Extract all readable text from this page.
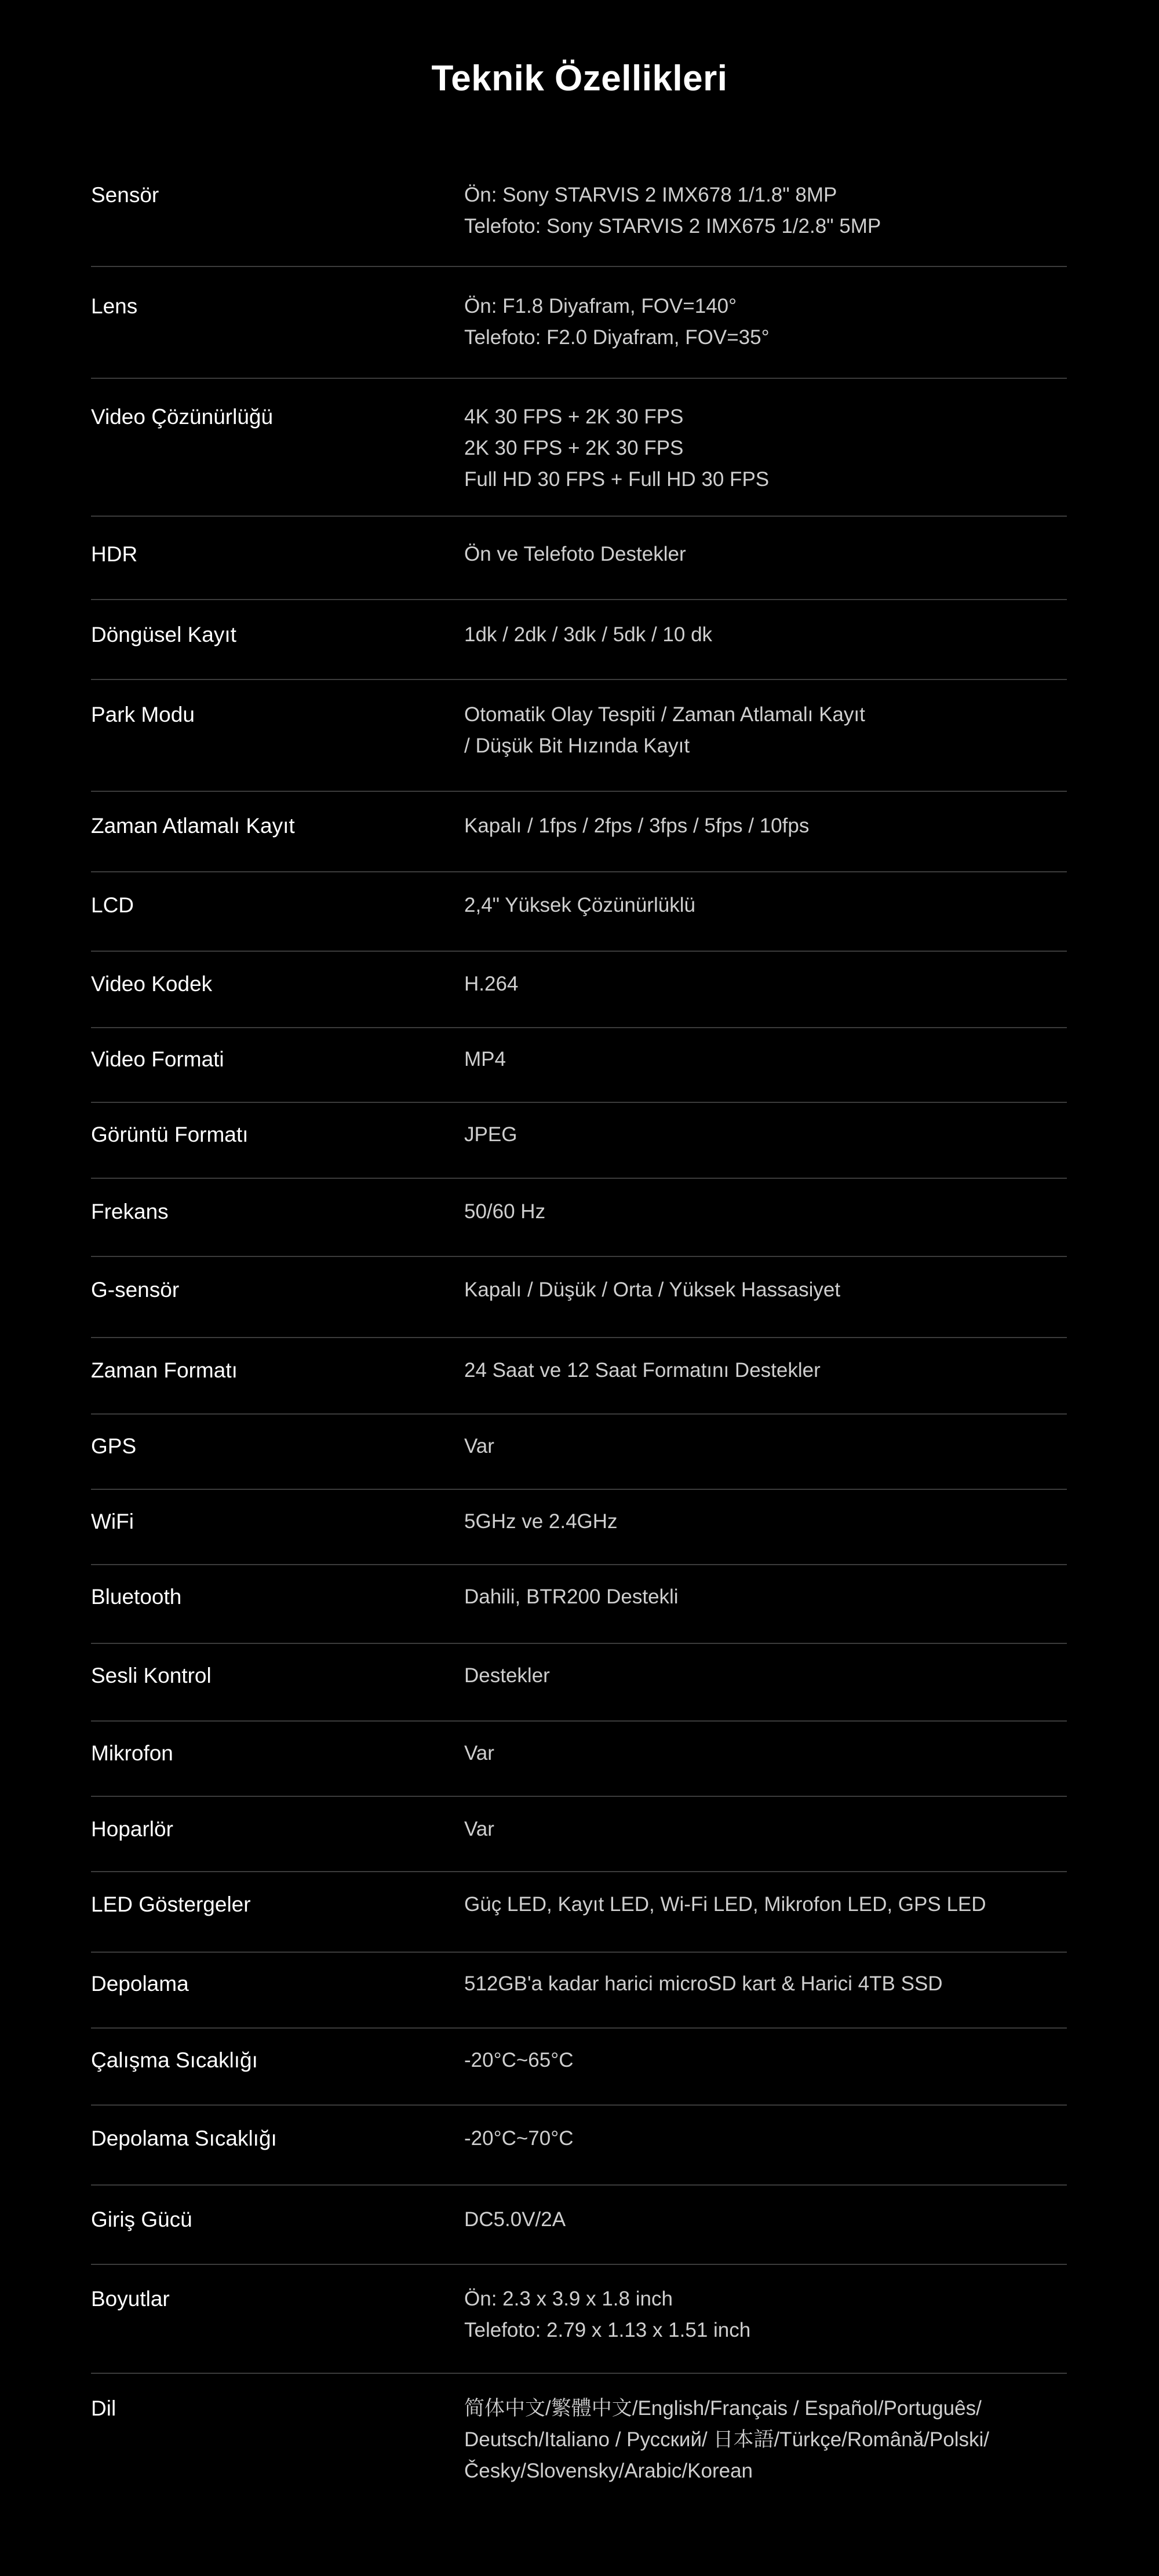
Teknik Özellikleri
Sensör	Ön: Sony STARVIS 2 IMX678 1/1.8" 8MP
Telefoto: Sony STARVIS 2 IMX675 1/2.8" 5MP
Lens	Ön: F1.8 Diyafram, FOV=140°
Telefoto: F2.0 Diyafram, FOV=35°
Video Çözünürlüğü	4K 30 FPS + 2K 30 FPS
2K 30 FPS + 2K 30 FPS
Full HD 30 FPS + Full HD 30 FPS
HDR	Ön ve Telefoto Destekler
Döngüsel Kayıt	1dk / 2dk / 3dk / 5dk / 10 dk
Park Modu	Otomatik Olay Tespiti / Zaman Atlamalı Kayıt
/ Düşük Bit Hızında Kayıt
Zaman Atlamalı Kayıt	Kapalı / 1fps / 2fps / 3fps / 5fps / 10fps
LCD	2,4" Yüksek Çözünürlüklü
Video Kodek	H.264
Video Formati	MP4
Görüntü Formatı	JPEG
Frekans	50/60 Hz
G-sensör	Kapalı / Düşük / Orta / Yüksek Hassasiyet
Zaman Formatı	24 Saat ve 12 Saat Formatını Destekler
GPS	Var
WiFi	5GHz ve 2.4GHz
Bluetooth	Dahili, BTR200 Destekli
Sesli Kontrol	Destekler
Mikrofon	Var
Hoparlör	Var
LED Göstergeler	Güç LED, Kayıt LED, Wi-Fi LED, Mikrofon LED, GPS LED
Depolama	512GB'a kadar harici microSD kart & Harici 4TB SSD
Çalışma Sıcaklığı	-20°C~65°C
Depolama Sıcaklığı	-20°C~70°C
Giriş Gücü	DC5.0V/2A
Boyutlar	Ön: 2.3 x 3.9 x 1.8 inch
Telefoto: 2.79 x 1.13 x 1.51 inch
Dil	简体中文/繁體中文/English/Français / Español/Português/
Deutsch/Italiano / Русский/ 日本語/Türkçe/Română/Polski/
Česky/Slovensky/Arabic/Korean
